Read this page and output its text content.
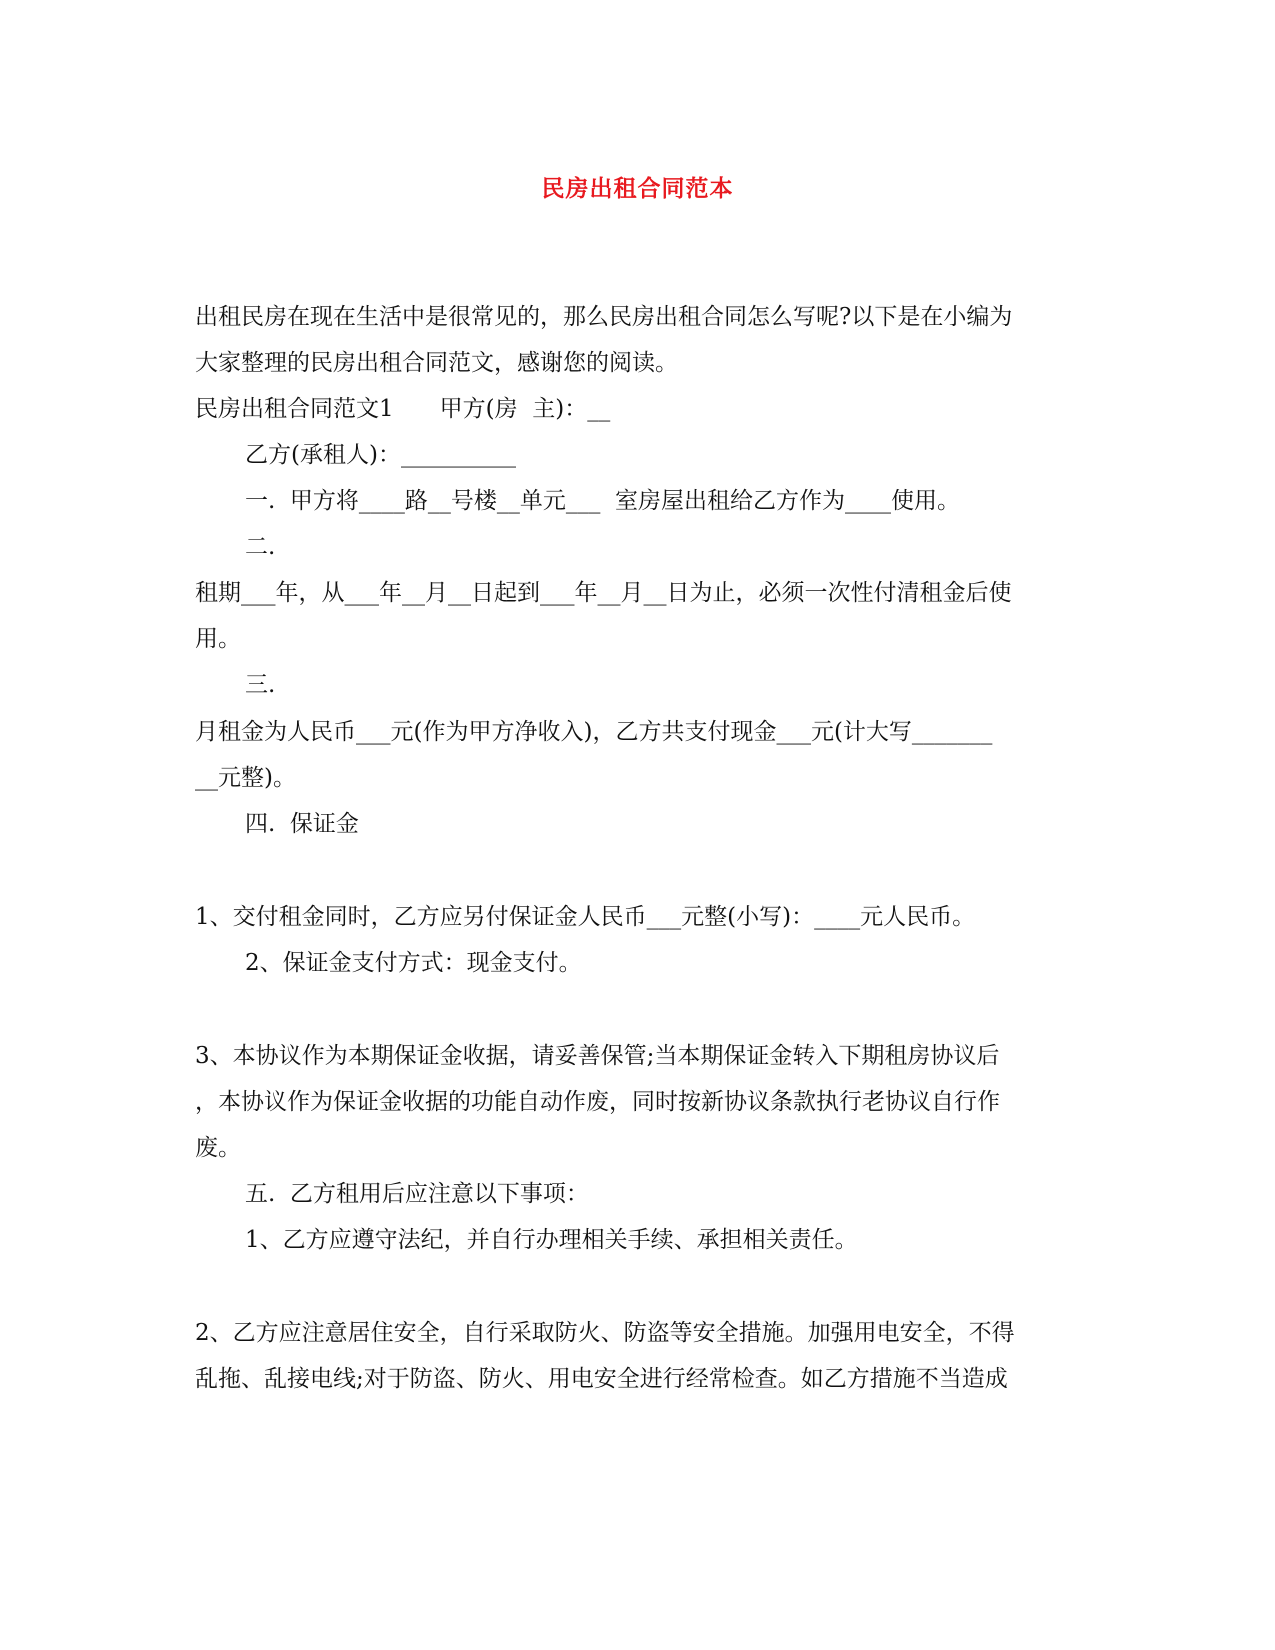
民房出租合同范本
出租民房在现在生活中是很常见的，那么民房出租合同怎么写呢?以下是在小编为
大家整理的民房出租合同范文，感谢您的阅读。
民房出租合同范文1　　甲方(房  主)：__
乙方(承租人)：__________
一.  甲方将____路__号楼__单元___  室房屋出租给乙方作为____使用。
二.
租期___年，从___年__月__日起到___年__月__日为止，必须一次性付清租金后使
用。
三.
月租金为人民币___元(作为甲方净收入)，乙方共支付现金___元(计大写_______
__元整)。
四.  保证金
1、交付租金同时，乙方应另付保证金人民币___元整(小写)：____元人民币。
2、保证金支付方式：现金支付。
3、本协议作为本期保证金收据，请妥善保管;当本期保证金转入下期租房协议后
，本协议作为保证金收据的功能自动作废，同时按新协议条款执行老协议自行作
废。
五.  乙方租用后应注意以下事项：
1、乙方应遵守法纪，并自行办理相关手续、承担相关责任。
2、乙方应注意居住安全，自行采取防火、防盗等安全措施。加强用电安全，不得
乱拖、乱接电线;对于防盗、防火、用电安全进行经常检查。如乙方措施不当造成
